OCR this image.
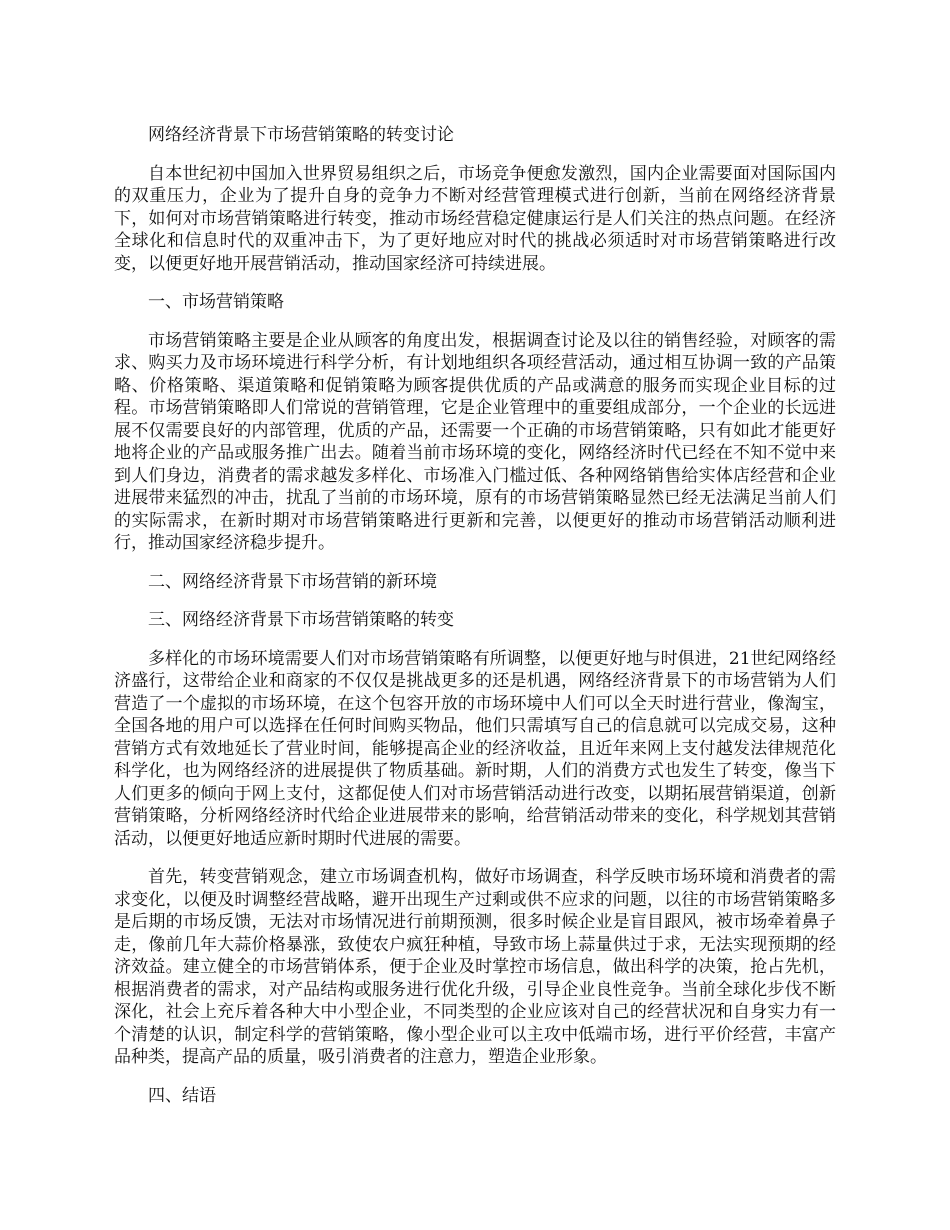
网络经济背景下市场营销策略的转变讨论

自本世纪初中国加入世界贸易组织之后，市场竞争便愈发激烈，国内企业需要面对国际国内的双重压力，企业为了提升自身的竞争力不断对经营管理模式进行创新，当前在网络经济背景下，如何对市场营销策略进行转变，推动市场经营稳定健康运行是人们关注的热点问题。在经济全球化和信息时代的双重冲击下，为了更好地应对时代的挑战必须适时对市场营销策略进行改变，以便更好地开展营销活动，推动国家经济可持续进展。

一、市场营销策略

市场营销策略主要是企业从顾客的角度出发，根据调查讨论及以往的销售经验，对顾客的需求、购买力及市场环境进行科学分析，有计划地组织各项经营活动，通过相互协调一致的产品策略、价格策略、渠道策略和促销策略为顾客提供优质的产品或满意的服务而实现企业目标的过程。市场营销策略即人们常说的营销管理，它是企业管理中的重要组成部分，一个企业的长远进展不仅需要良好的内部管理，优质的产品，还需要一个正确的市场营销策略，只有如此才能更好地将企业的产品或服务推广出去。随着当前市场环境的变化，网络经济时代已经在不知不觉中来到人们身边，消费者的需求越发多样化、市场准入门槛过低、各种网络销售给实体店经营和企业进展带来猛烈的冲击，扰乱了当前的市场环境，原有的市场营销策略显然已经无法满足当前人们的实际需求，在新时期对市场营销策略进行更新和完善，以便更好的推动市场营销活动顺利进行，推动国家经济稳步提升。

二、网络经济背景下市场营销的新环境

三、网络经济背景下市场营销策略的转变

多样化的市场环境需要人们对市场营销策略有所调整，以便更好地与时俱进，21世纪网络经济盛行，这带给企业和商家的不仅仅是挑战更多的还是机遇，网络经济背景下的市场营销为人们营造了一个虚拟的市场环境，在这个包容开放的市场环境中人们可以全天时进行营业，像淘宝，全国各地的用户可以选择在任何时间购买物品，他们只需填写自己的信息就可以完成交易，这种营销方式有效地延长了营业时间，能够提高企业的经济收益，且近年来网上支付越发法律规范化科学化，也为网络经济的进展提供了物质基础。新时期，人们的消费方式也发生了转变，像当下人们更多的倾向于网上支付，这都促使人们对市场营销活动进行改变，以期拓展营销渠道，创新营销策略，分析网络经济时代给企业进展带来的影响，给营销活动带来的变化，科学规划其营销活动，以便更好地适应新时期时代进展的需要。

首先，转变营销观念，建立市场调查机构，做好市场调查，科学反映市场环境和消费者的需求变化，以便及时调整经营战略，避开出现生产过剩或供不应求的问题，以往的市场营销策略多是后期的市场反馈，无法对市场情况进行前期预测，很多时候企业是盲目跟风，被市场牵着鼻子走，像前几年大蒜价格暴涨，致使农户疯狂种植，导致市场上蒜量供过于求，无法实现预期的经济效益。建立健全的市场营销体系，便于企业及时掌控市场信息，做出科学的决策，抢占先机，根据消费者的需求，对产品结构或服务进行优化升级，引导企业良性竞争。当前全球化步伐不断深化，社会上充斥着各种大中小型企业，不同类型的企业应该对自己的经营状况和自身实力有一个清楚的认识，制定科学的营销策略，像小型企业可以主攻中低端市场，进行平价经营，丰富产品种类，提高产品的质量，吸引消费者的注意力，塑造企业形象。

四、结语
